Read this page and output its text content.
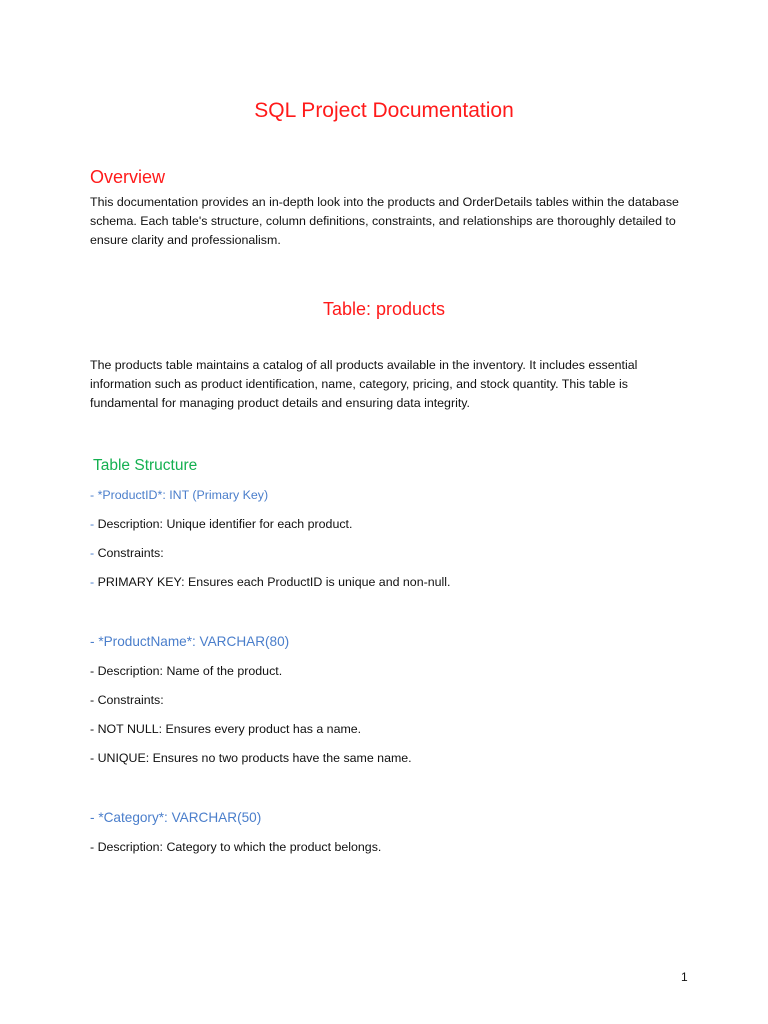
SQL Project Documentation
Overview
This documentation provides an in-depth look into the products and OrderDetails tables within the database schema. Each table's structure, column definitions, constraints, and relationships are thoroughly detailed to ensure clarity and professionalism.
Table: products
The products table maintains a catalog of all products available in the inventory. It includes essential information such as product identification, name, category, pricing, and stock quantity. This table is fundamental for managing product details and ensuring data integrity.
Table Structure
- *ProductID*: INT (Primary Key)
- Description: Unique identifier for each product.
- Constraints:
- PRIMARY KEY: Ensures each ProductID is unique and non-null.
- *ProductName*: VARCHAR(80)
- Description: Name of the product.
- Constraints:
- NOT NULL: Ensures every product has a name.
- UNIQUE: Ensures no two products have the same name.
- *Category*: VARCHAR(50)
- Description: Category to which the product belongs.
1
